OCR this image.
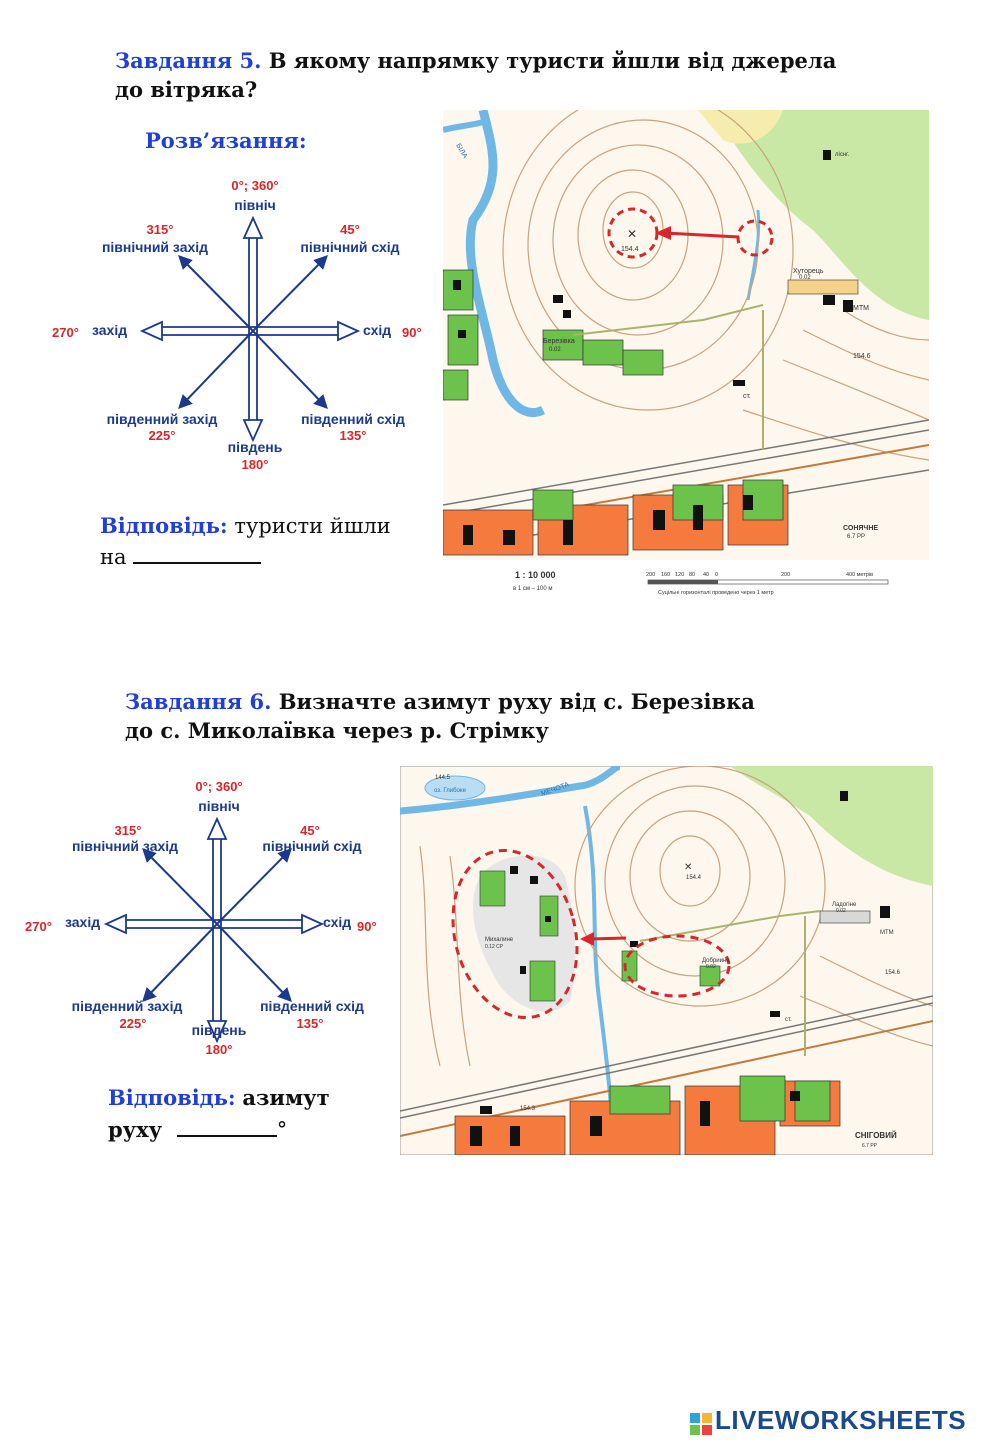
Завдання 5. В якому напрямку туристи йшли від джерела
до вітряка?
Розв’язання:
0°; 360°
північ
315°
північний захід
45°
північний схід
270° захід	схід 90°
південний захід
225°
південний схід
135°
південь
180°
Відповідь: туристи йшли
на
✕
154.4
БІЛА
Березівка
0.02
Хуторець
0.02
МТМ
ліснг.
154.6
ст.
СОНЯЧНЕ
6.7 РР
1 : 10 000
в 1 см – 100 м
200 160 120 80 40 0	200	400 метрів
Суцільні горизонталі проведено через 1 метр
Завдання 6. Визначте азимут руху від с. Березівка
до с. Миколаївка через р. Стрімку
0°; 360°
північ
315°
північний захід
45°
північний схід
270° захід	схід 90°
південний захід
225°
південний схід
135°
південь
180°
Відповідь: азимут
руху	°
✕
154.4
144.5
оз. Глибоке	МЕЧОТА
Михалине
0.12 СР
Добриине
0.02
Ладогіне
0.02
МТМ
154.6
154.3
ст.
СНІГОВИЙ
6.7 РР
LIVEWORKSHEETS
